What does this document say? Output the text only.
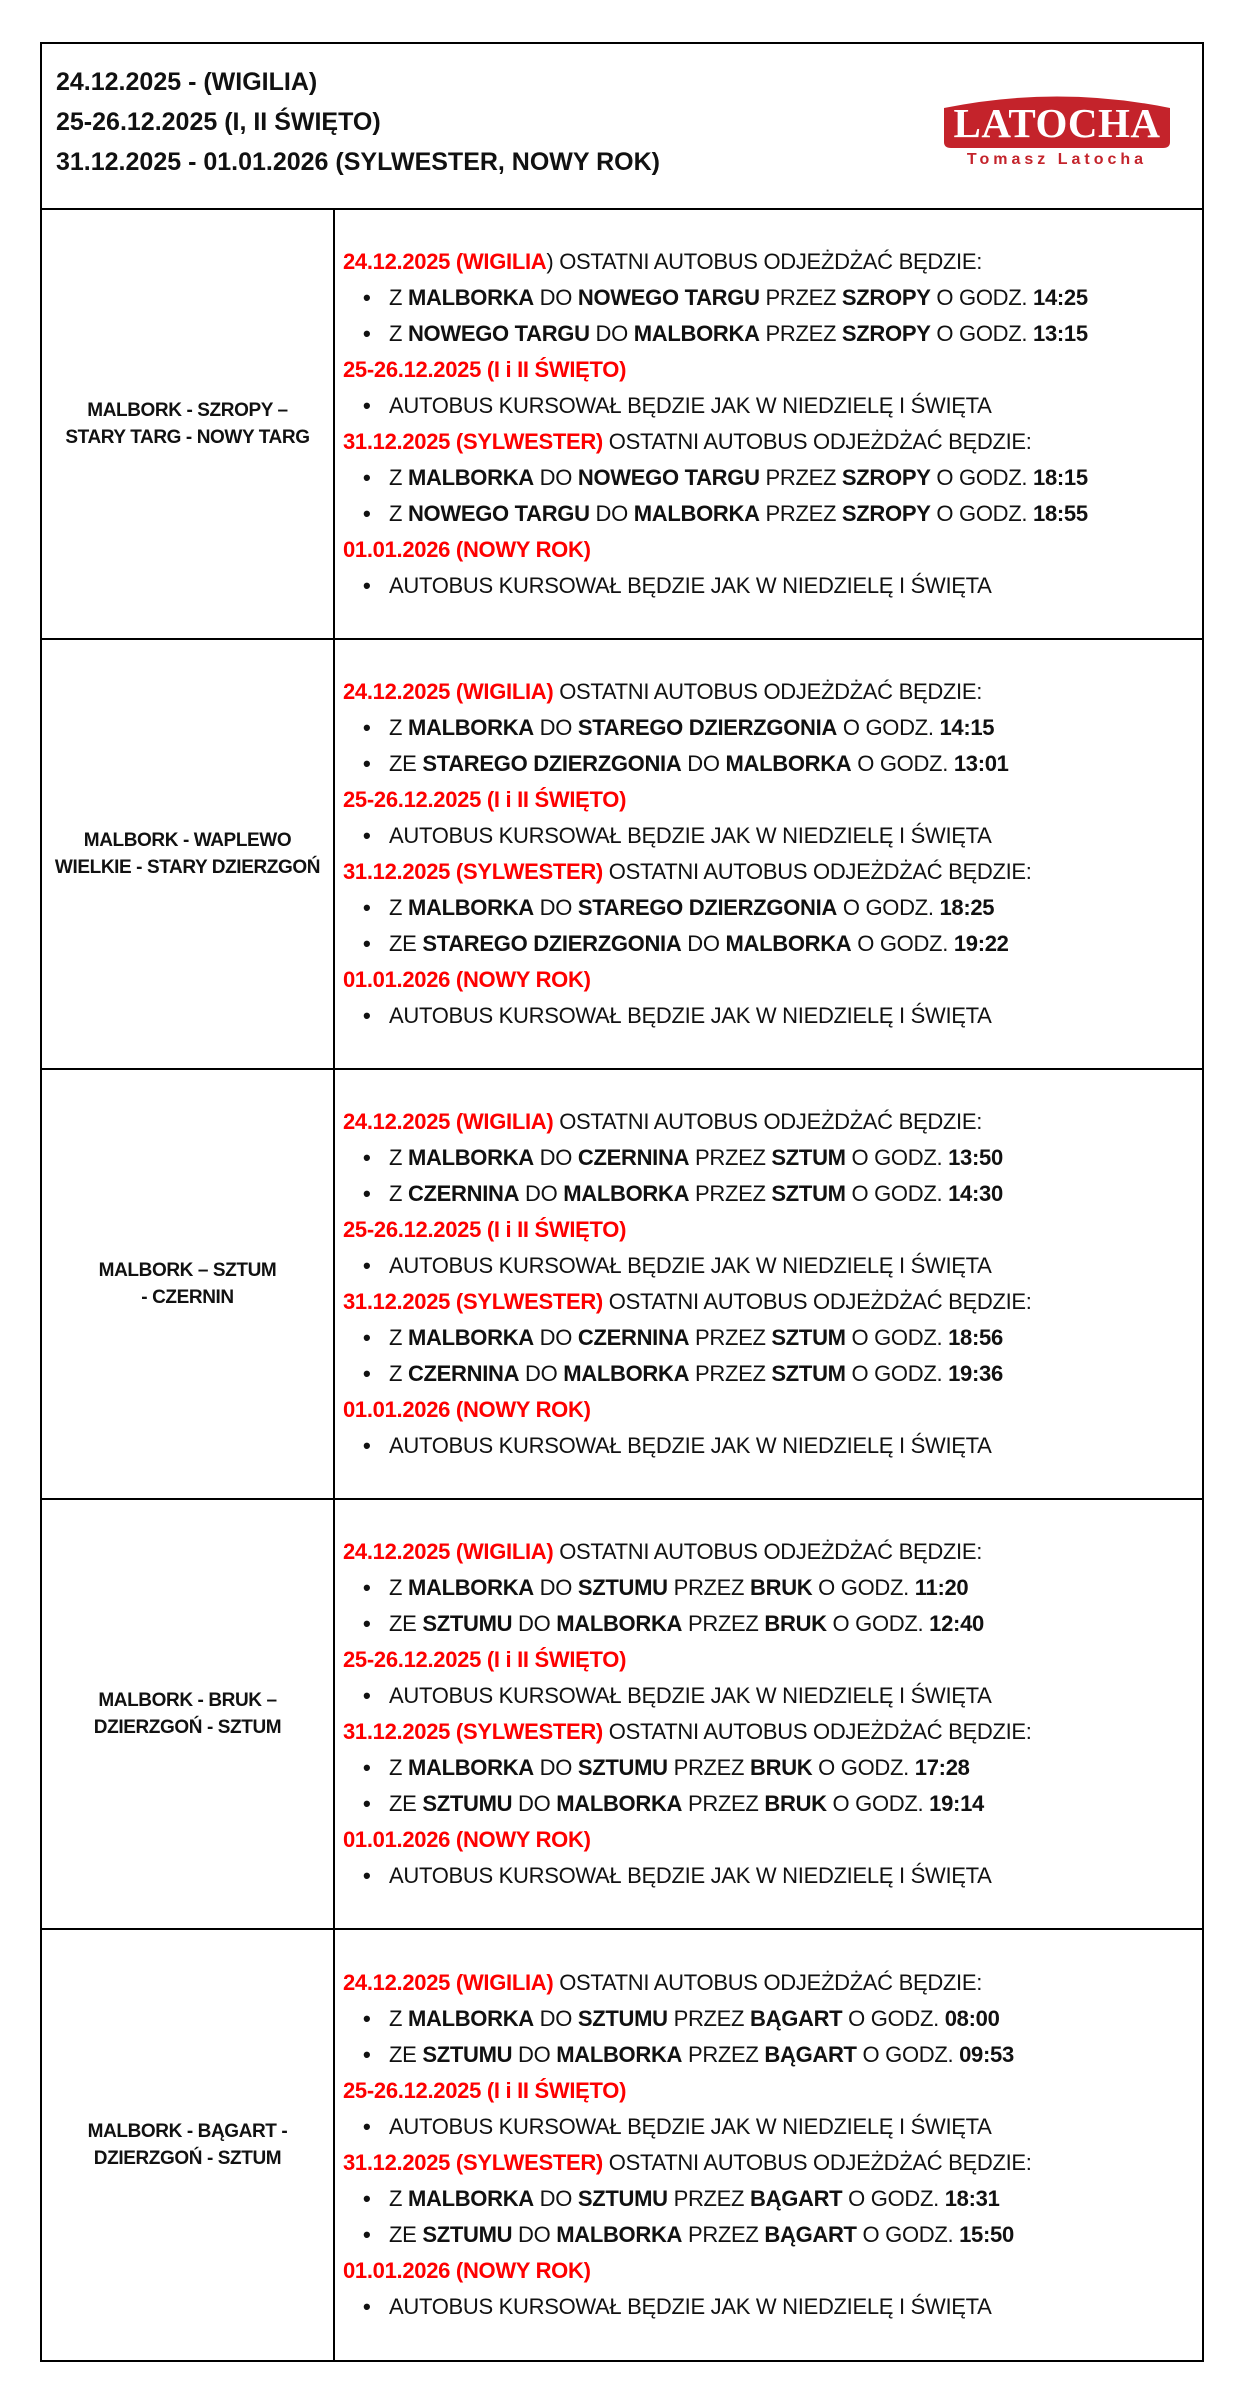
24.12.2025 - (WIGILIA)
25-26.12.2025 (I, II ŚWIĘTO)
31.12.2025 - 01.01.2026 (SYLWESTER, NOWY ROK)
LATOCHA
Tomasz Latocha
MALBORK - SZROPY –
STARY TARG - NOWY TARG
24.12.2025 (WIGILIA) OSTATNI AUTOBUS ODJEŻDŻAĆ BĘDZIE:
• Z MALBORKA DO NOWEGO TARGU PRZEZ SZROPY O GODZ. 14:25
• Z NOWEGO TARGU DO MALBORKA PRZEZ SZROPY O GODZ. 13:15
25-26.12.2025 (I i II ŚWIĘTO)
• AUTOBUS KURSOWAŁ BĘDZIE JAK W NIEDZIELĘ I ŚWIĘTA
31.12.2025 (SYLWESTER) OSTATNI AUTOBUS ODJEŻDŻAĆ BĘDZIE:
• Z MALBORKA DO NOWEGO TARGU PRZEZ SZROPY O GODZ. 18:15
• Z NOWEGO TARGU DO MALBORKA PRZEZ SZROPY O GODZ. 18:55
01.01.2026 (NOWY ROK)
• AUTOBUS KURSOWAŁ BĘDZIE JAK W NIEDZIELĘ I ŚWIĘTA
MALBORK - WAPLEWO
WIELKIE - STARY DZIERZGOŃ
24.12.2025 (WIGILIA) OSTATNI AUTOBUS ODJEŻDŻAĆ BĘDZIE:
• Z MALBORKA DO STAREGO DZIERZGONIA O GODZ. 14:15
• ZE STAREGO DZIERZGONIA DO MALBORKA O GODZ. 13:01
25-26.12.2025 (I i II ŚWIĘTO)
• AUTOBUS KURSOWAŁ BĘDZIE JAK W NIEDZIELĘ I ŚWIĘTA
31.12.2025 (SYLWESTER) OSTATNI AUTOBUS ODJEŻDŻAĆ BĘDZIE:
• Z MALBORKA DO STAREGO DZIERZGONIA O GODZ. 18:25
• ZE STAREGO DZIERZGONIA DO MALBORKA O GODZ. 19:22
01.01.2026 (NOWY ROK)
• AUTOBUS KURSOWAŁ BĘDZIE JAK W NIEDZIELĘ I ŚWIĘTA
MALBORK – SZTUM
- CZERNIN
24.12.2025 (WIGILIA) OSTATNI AUTOBUS ODJEŻDŻAĆ BĘDZIE:
• Z MALBORKA DO CZERNINA PRZEZ SZTUM O GODZ. 13:50
• Z CZERNINA DO MALBORKA PRZEZ SZTUM O GODZ. 14:30
25-26.12.2025 (I i II ŚWIĘTO)
• AUTOBUS KURSOWAŁ BĘDZIE JAK W NIEDZIELĘ I ŚWIĘTA
31.12.2025 (SYLWESTER) OSTATNI AUTOBUS ODJEŻDŻAĆ BĘDZIE:
• Z MALBORKA DO CZERNINA PRZEZ SZTUM O GODZ. 18:56
• Z CZERNINA DO MALBORKA PRZEZ SZTUM O GODZ. 19:36
01.01.2026 (NOWY ROK)
• AUTOBUS KURSOWAŁ BĘDZIE JAK W NIEDZIELĘ I ŚWIĘTA
MALBORK - BRUK –
DZIERZGOŃ - SZTUM
24.12.2025 (WIGILIA) OSTATNI AUTOBUS ODJEŻDŻAĆ BĘDZIE:
• Z MALBORKA DO SZTUMU PRZEZ BRUK O GODZ. 11:20
• ZE SZTUMU DO MALBORKA PRZEZ BRUK O GODZ. 12:40
25-26.12.2025 (I i II ŚWIĘTO)
• AUTOBUS KURSOWAŁ BĘDZIE JAK W NIEDZIELĘ I ŚWIĘTA
31.12.2025 (SYLWESTER) OSTATNI AUTOBUS ODJEŻDŻAĆ BĘDZIE:
• Z MALBORKA DO SZTUMU PRZEZ BRUK O GODZ. 17:28
• ZE SZTUMU DO MALBORKA PRZEZ BRUK O GODZ. 19:14
01.01.2026 (NOWY ROK)
• AUTOBUS KURSOWAŁ BĘDZIE JAK W NIEDZIELĘ I ŚWIĘTA
MALBORK - BĄGART -
DZIERZGOŃ - SZTUM
24.12.2025 (WIGILIA) OSTATNI AUTOBUS ODJEŻDŻAĆ BĘDZIE:
• Z MALBORKA DO SZTUMU PRZEZ BĄGART O GODZ. 08:00
• ZE SZTUMU DO MALBORKA PRZEZ BĄGART O GODZ. 09:53
25-26.12.2025 (I i II ŚWIĘTO)
• AUTOBUS KURSOWAŁ BĘDZIE JAK W NIEDZIELĘ I ŚWIĘTA
31.12.2025 (SYLWESTER) OSTATNI AUTOBUS ODJEŻDŻAĆ BĘDZIE:
• Z MALBORKA DO SZTUMU PRZEZ BĄGART O GODZ. 18:31
• ZE SZTUMU DO MALBORKA PRZEZ BĄGART O GODZ. 15:50
01.01.2026 (NOWY ROK)
• AUTOBUS KURSOWAŁ BĘDZIE JAK W NIEDZIELĘ I ŚWIĘTA
